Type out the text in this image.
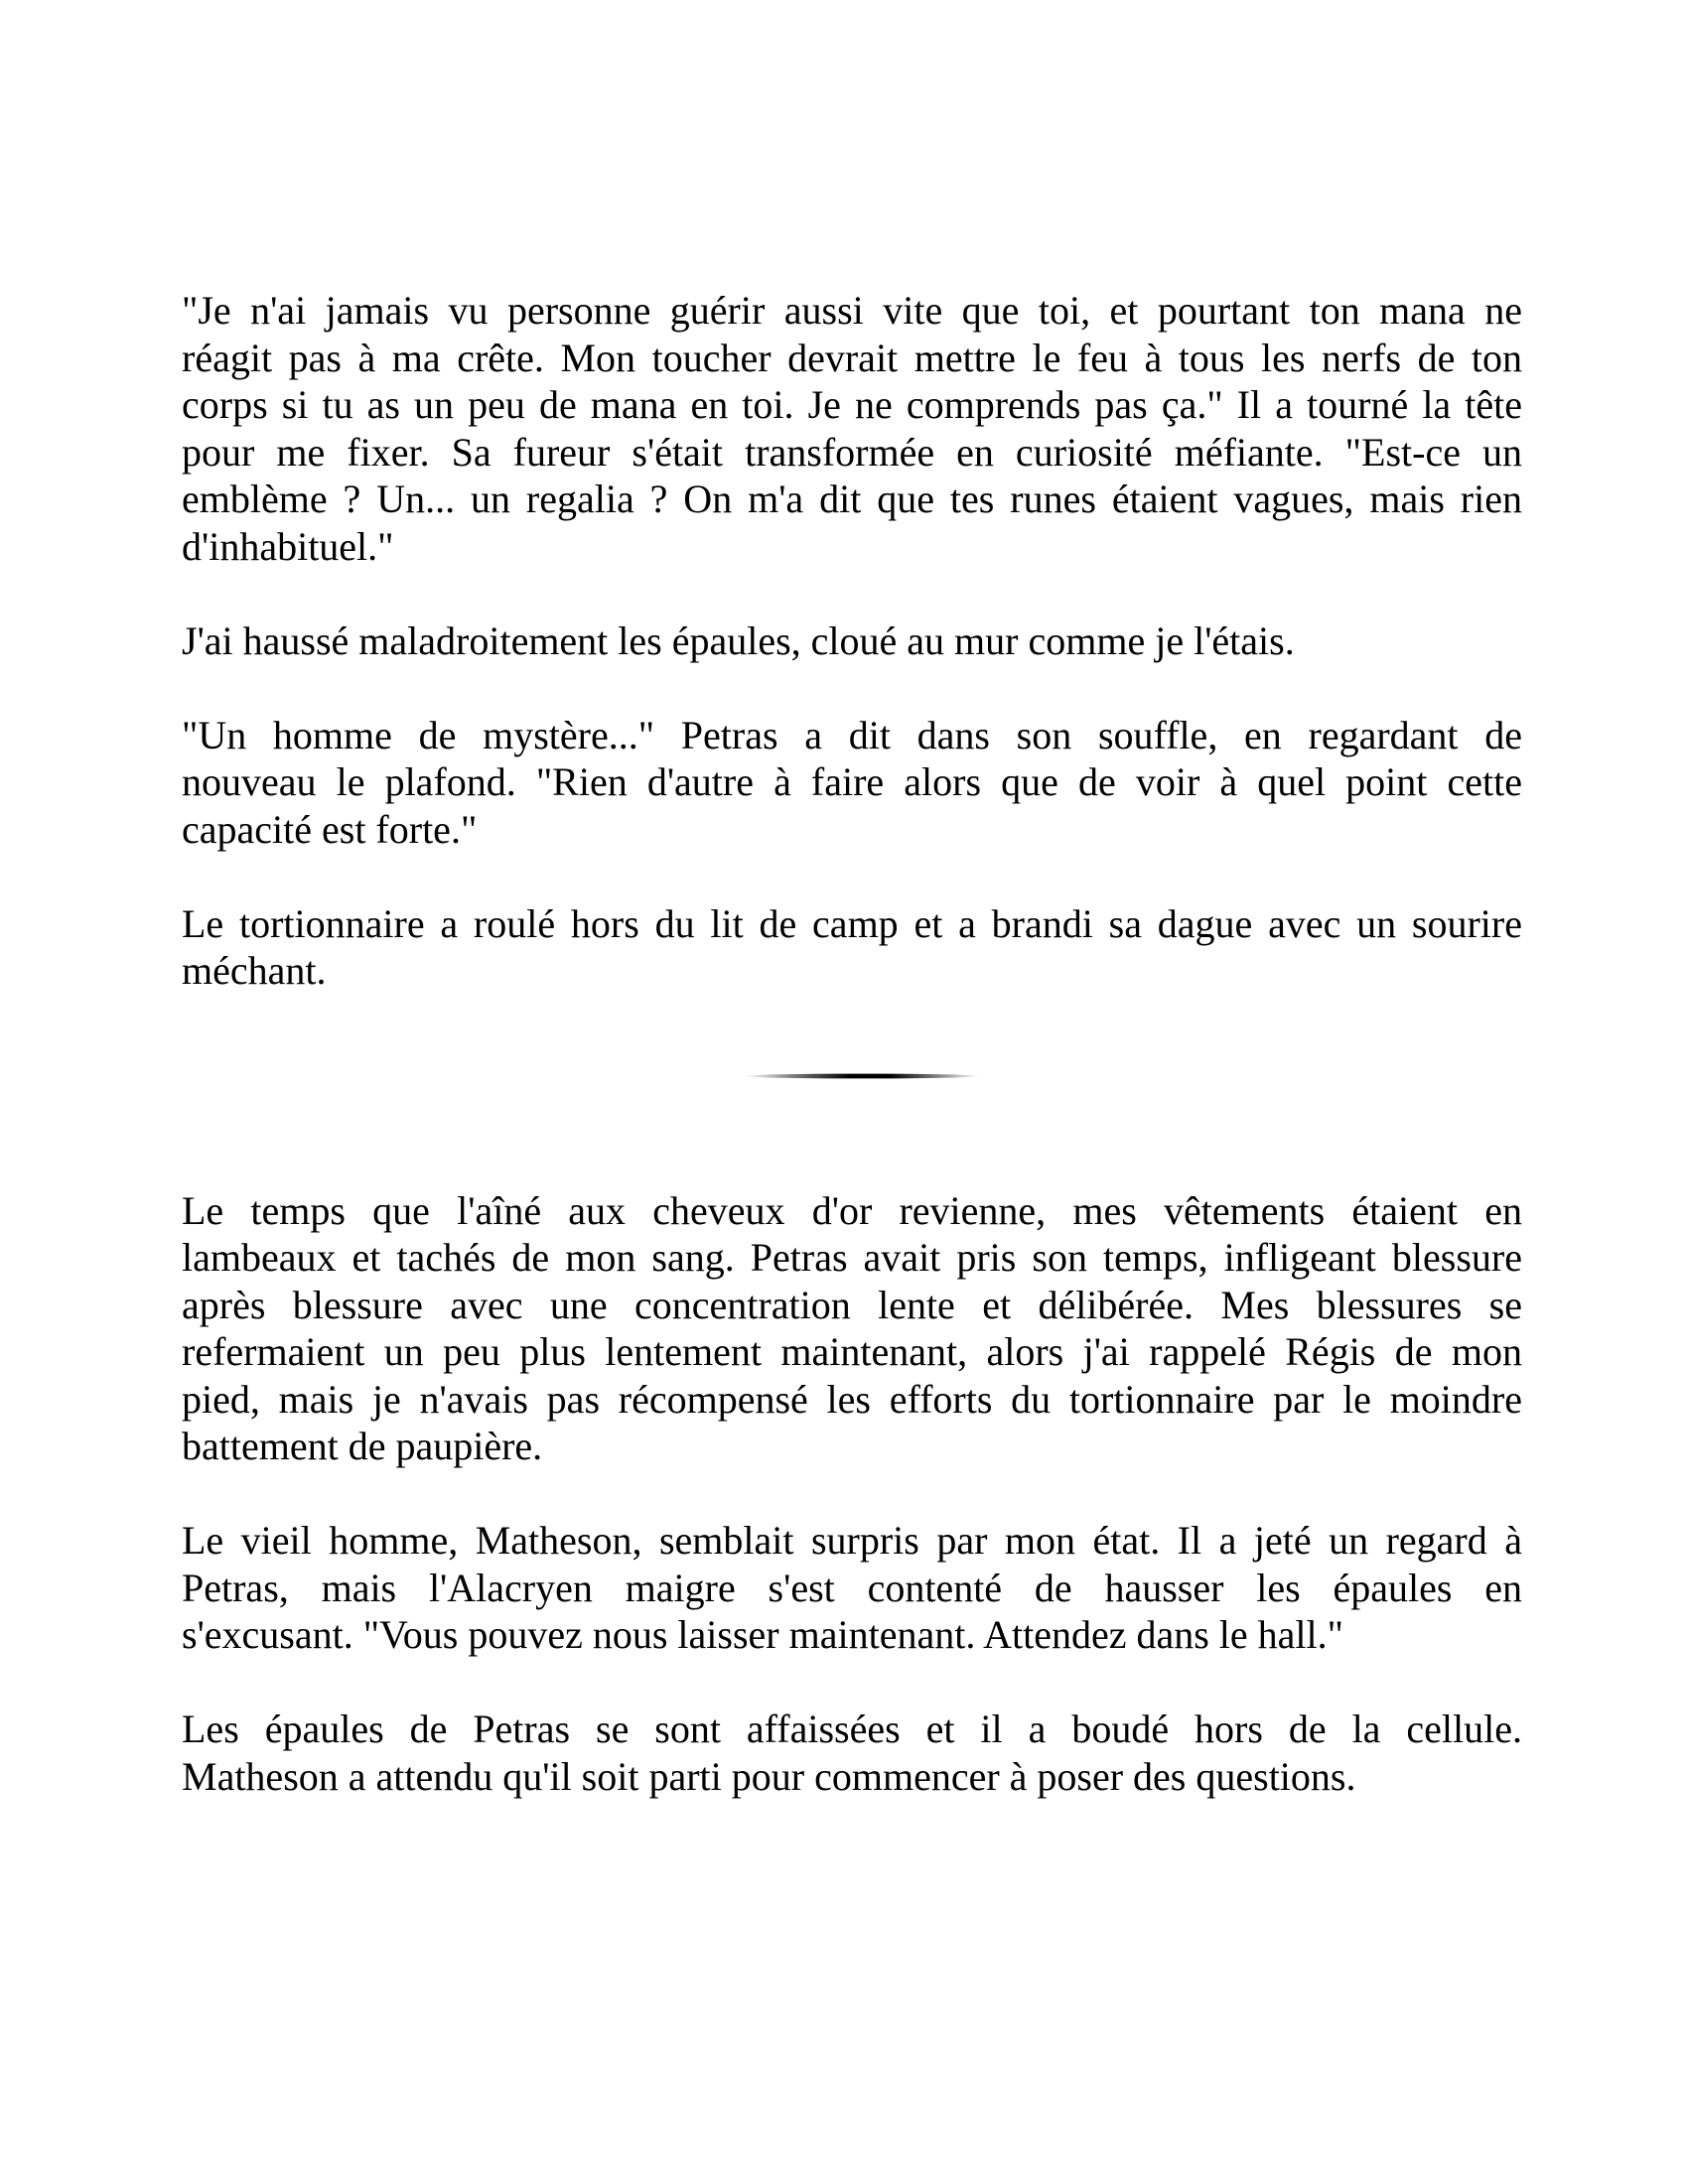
"Je n'ai jamais vu personne guérir aussi vite que toi, et pourtant ton mana ne
réagit pas à ma crête. Mon toucher devrait mettre le feu à tous les nerfs de ton
corps si tu as un peu de mana en toi. Je ne comprends pas ça." Il a tourné la tête
pour me fixer. Sa fureur s'était transformée en curiosité méfiante. "Est-ce un
emblème ? Un... un regalia ? On m'a dit que tes runes étaient vagues, mais rien
d'inhabituel."

J'ai haussé maladroitement les épaules, cloué au mur comme je l'étais.

"Un homme de mystère..." Petras a dit dans son souffle, en regardant de
nouveau le plafond. "Rien d'autre à faire alors que de voir à quel point cette
capacité est forte."

Le tortionnaire a roulé hors du lit de camp et a brandi sa dague avec un sourire
méchant.

Le temps que l'aîné aux cheveux d'or revienne, mes vêtements étaient en
lambeaux et tachés de mon sang. Petras avait pris son temps, infligeant blessure
après blessure avec une concentration lente et délibérée. Mes blessures se
refermaient un peu plus lentement maintenant, alors j'ai rappelé Régis de mon
pied, mais je n'avais pas récompensé les efforts du tortionnaire par le moindre
battement de paupière.

Le vieil homme, Matheson, semblait surpris par mon état. Il a jeté un regard à
Petras, mais l'Alacryen maigre s'est contenté de hausser les épaules en
s'excusant. "Vous pouvez nous laisser maintenant. Attendez dans le hall."

Les épaules de Petras se sont affaissées et il a boudé hors de la cellule.
Matheson a attendu qu'il soit parti pour commencer à poser des questions.
